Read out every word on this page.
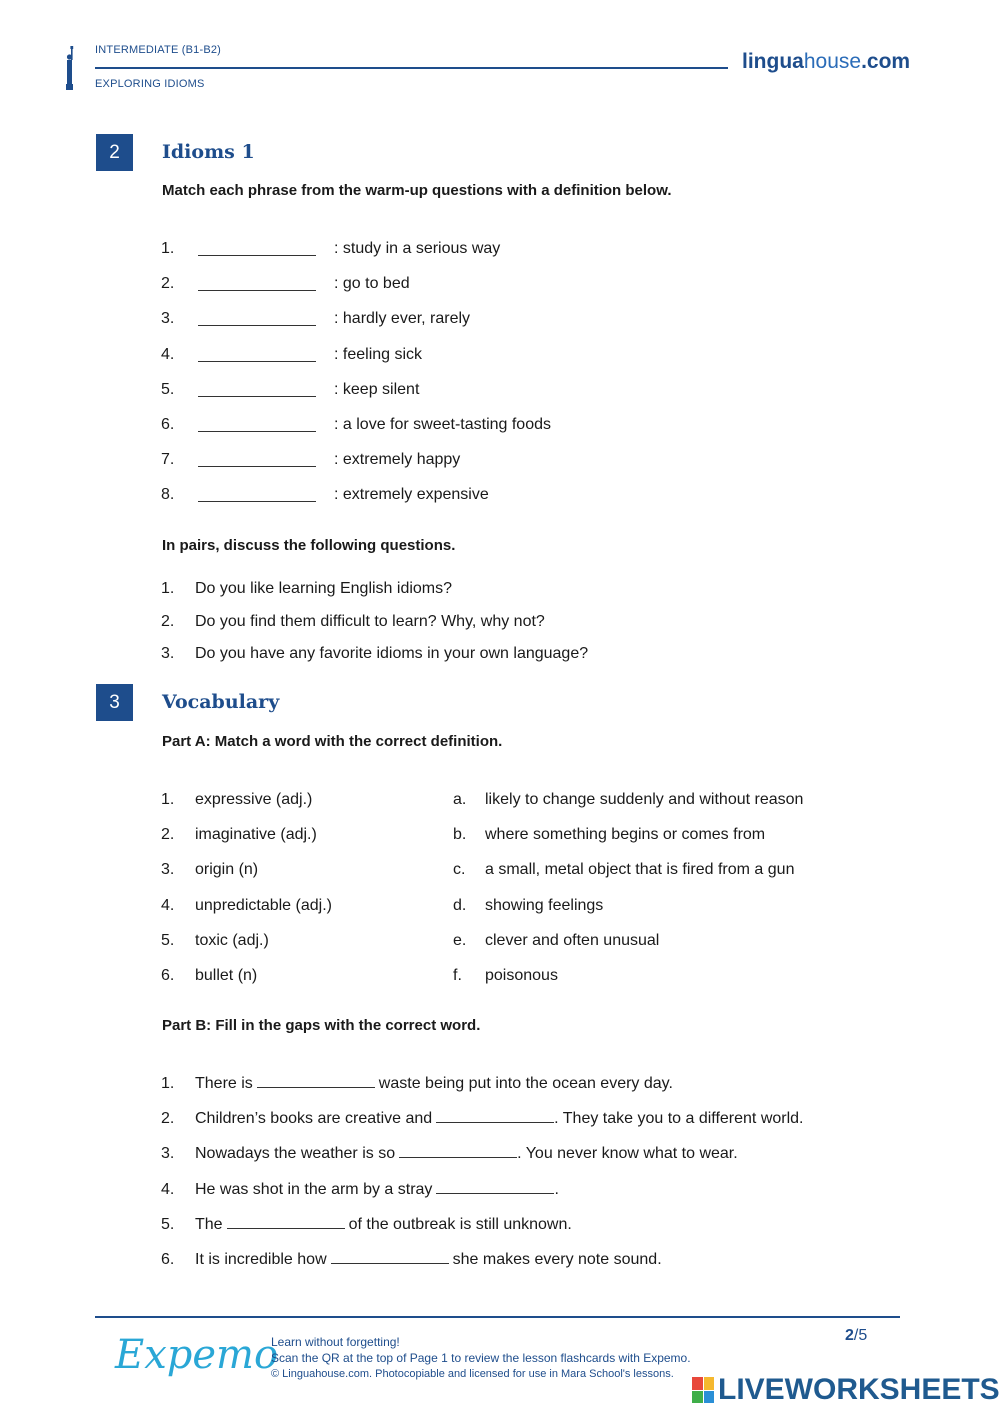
INTERMEDIATE (B1-B2)
EXPLORING IDIOMS
linguahouse.com
2	Idioms 1
Match each phrase from the warm-up questions with a definition below.
1.	: study in a serious way
2.	: go to bed
3.	: hardly ever, rarely
4.	: feeling sick
5.	: keep silent
6.	: a love for sweet-tasting foods
7.	: extremely happy
8.	: extremely expensive
In pairs, discuss the following questions.
1. Do you like learning English idioms?
2. Do you find them difficult to learn? Why, why not?
3. Do you have any favorite idioms in your own language?
3	Vocabulary
Part A: Match a word with the correct definition.
1. expressive (adj.)	a. likely to change suddenly and without reason
2. imaginative (adj.)	b. where something begins or comes from
3. origin (n)	c. a small, metal object that is fired from a gun
4. unpredictable (adj.)	d. showing feelings
5. toxic (adj.)	e. clever and often unusual
6. bullet (n)	f. poisonous
Part B: Fill in the gaps with the correct word.
1. There is	waste being put into the ocean every day.
2. Children’s books are creative and	. They take you to a different world.
3. Nowadays the weather is so	. You never know what to wear.
4. He was shot in the arm by a stray	.
5. The	of the outbreak is still unknown.
6. It is incredible how	she makes every note sound.
Expemo
Learn without forgetting!
Scan the QR at the top of Page 1 to review the lesson flashcards with Expemo.
© Linguahouse.com. Photocopiable and licensed for use in Mara School's lessons.
2/5
LIVEWORKSHEETS
